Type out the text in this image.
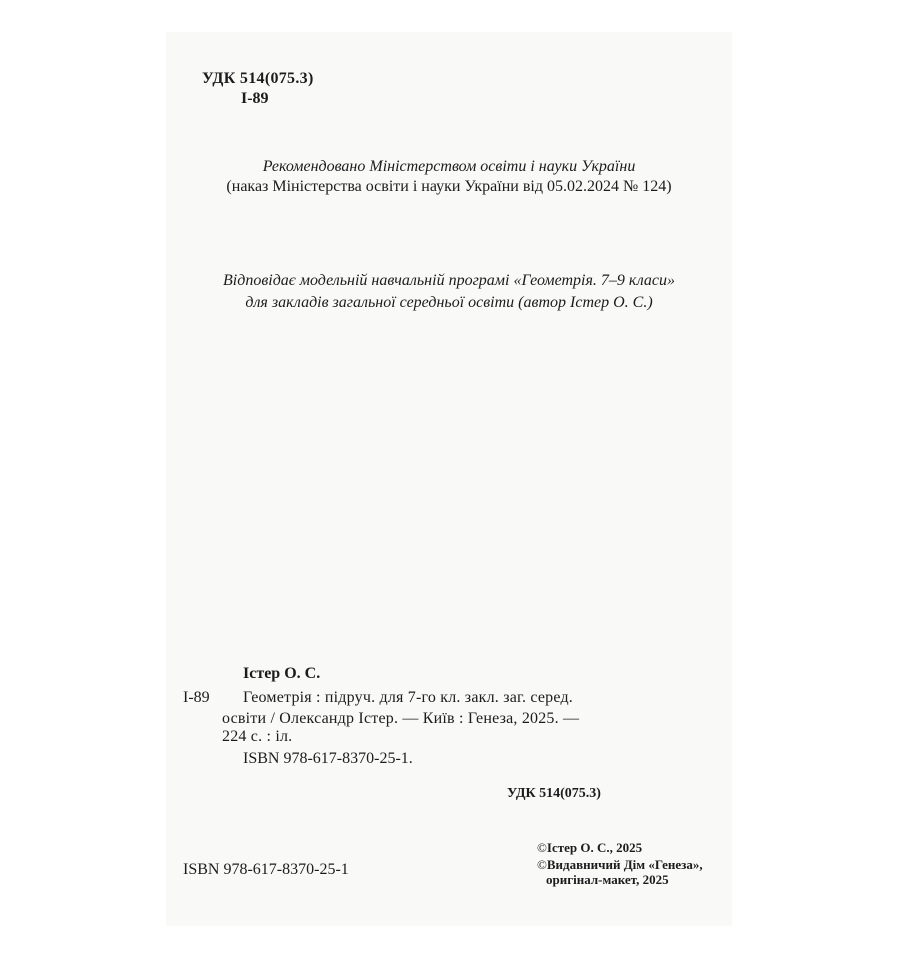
УДК 514(075.3)
І-89
Рекомендовано Міністерством освіти і науки України
(наказ Міністерства освіти і науки України від 05.02.2024 № 124)
Відповідає модельній навчальній програмі «Геометрія. 7–9 класи»
для закладів загальної середньої освіти (автор Істер О. С.)
Істер О. С.
І-89 Геометрія : підруч. для 7-го кл. закл. заг. серед.
освіти / Олександр Істер. — Київ : Генеза, 2025. —
224 с. : іл.
ISBN 978-617-8370-25-1.
УДК 514(075.3)
ISBN 978-617-8370-25-1
©Істер О. С., 2025
©Видавничий Дім «Генеза»,
оригінал-макет, 2025
